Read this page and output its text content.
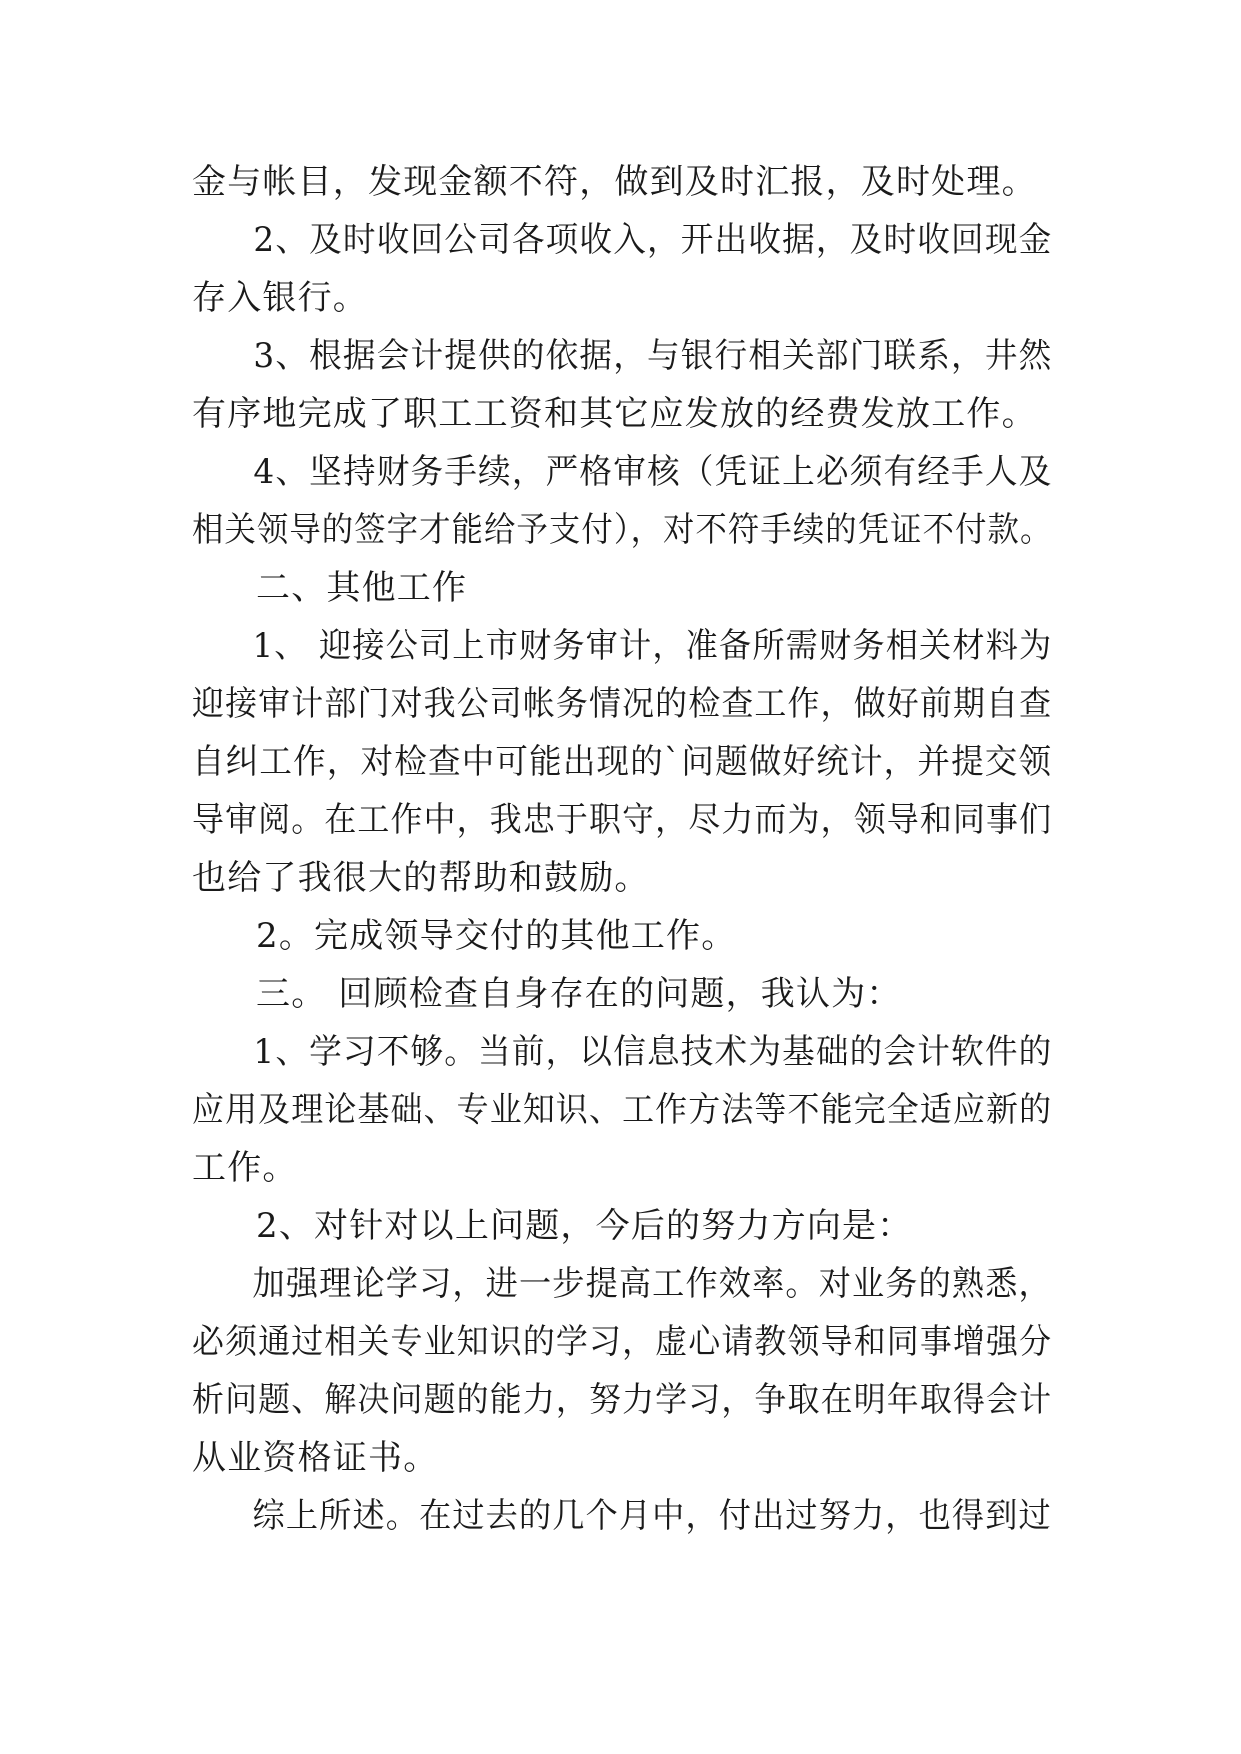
金与帐目，发现金额不符，做到及时汇报，及时处理。
2、及时收回公司各项收入，开出收据，及时收回现金
存入银行。
3、根据会计提供的依据，与银行相关部门联系，井然
有序地完成了职工工资和其它应发放的经费发放工作。
4、坚持财务手续，严格审核（凭证上必须有经手人及
相关领导的签字才能给予支付），对不符手续的凭证不付款。
二、其他工作
1、 迎接公司上市财务审计，准备所需财务相关材料为
迎接审计部门对我公司帐务情况的检查工作，做好前期自查
自纠工作，对检查中可能出现的`问题做好统计，并提交领
导审阅。在工作中，我忠于职守，尽力而为，领导和同事们
也给了我很大的帮助和鼓励。
2。完成领导交付的其他工作。
三。 回顾检查自身存在的问题，我认为：
1、学习不够。当前，以信息技术为基础的会计软件的
应用及理论基础、专业知识、工作方法等不能完全适应新的
工作。
2、对针对以上问题，今后的努力方向是：
加强理论学习，进一步提高工作效率。对业务的熟悉，
必须通过相关专业知识的学习，虚心请教领导和同事增强分
析问题、解决问题的能力，努力学习，争取在明年取得会计
从业资格证书。
综上所述。在过去的几个月中，付出过努力，也得到过
